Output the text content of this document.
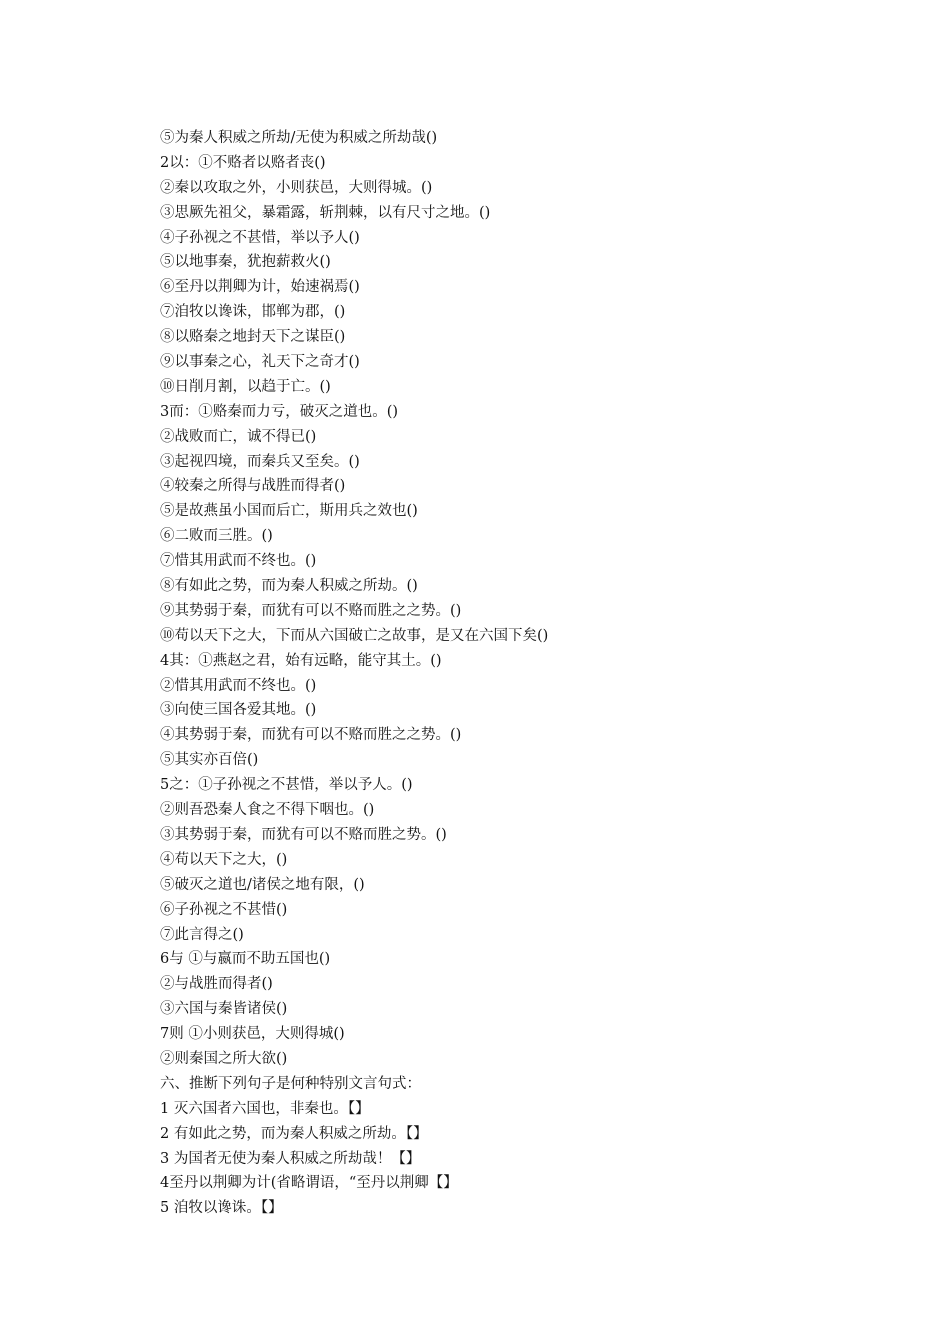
⑤为秦人积威之所劫/无使为积威之所劫哉()
2以：①不赂者以赂者丧()
②秦以攻取之外，小则获邑，大则得城。()
③思厥先祖父，暴霜露，斩荆棘，以有尺寸之地。()
④子孙视之不甚惜，举以予人()
⑤以地事秦，犹抱薪救火()
⑥至丹以荆卿为计，始速祸焉()
⑦洎牧以谗诛，邯郸为郡，()
⑧以赂秦之地封天下之谋臣()
⑨以事秦之心，礼天下之奇才()
⑩日削月割，以趋于亡。()
3而：①赂秦而力亏，破灭之道也。()
②战败而亡，诚不得已()
③起视四境，而秦兵又至矣。()
④较秦之所得与战胜而得者()
⑤是故燕虽小国而后亡，斯用兵之效也()
⑥二败而三胜。()
⑦惜其用武而不终也。()
⑧有如此之势，而为秦人积威之所劫。()
⑨其势弱于秦，而犹有可以不赂而胜之之势。()
⑩苟以天下之大，下而从六国破亡之故事，是又在六国下矣()
4其：①燕赵之君，始有远略，能守其土。()
②惜其用武而不终也。()
③向使三国各爱其地。()
④其势弱于秦，而犹有可以不赂而胜之之势。()
⑤其实亦百倍()
5之：①子孙视之不甚惜，举以予人。()
②则吾恐秦人食之不得下咽也。()
③其势弱于秦，而犹有可以不赂而胜之势。()
④苟以天下之大，()
⑤破灭之道也/诸侯之地有限，()
⑥子孙视之不甚惜()
⑦此言得之()
6与 ①与嬴而不助五国也()
②与战胜而得者()
③六国与秦皆诸侯()
7则 ①小则获邑，大则得城()
②则秦国之所大欲()
六、推断下列句子是何种特别文言句式：
1 灭六国者六国也，非秦也。【】
2 有如此之势，而为秦人积威之所劫。【】
3 为国者无使为秦人积威之所劫哉！【】
4至丹以荆卿为计(省略谓语，“至丹以荆卿【】
5 洎牧以谗诛。【】
